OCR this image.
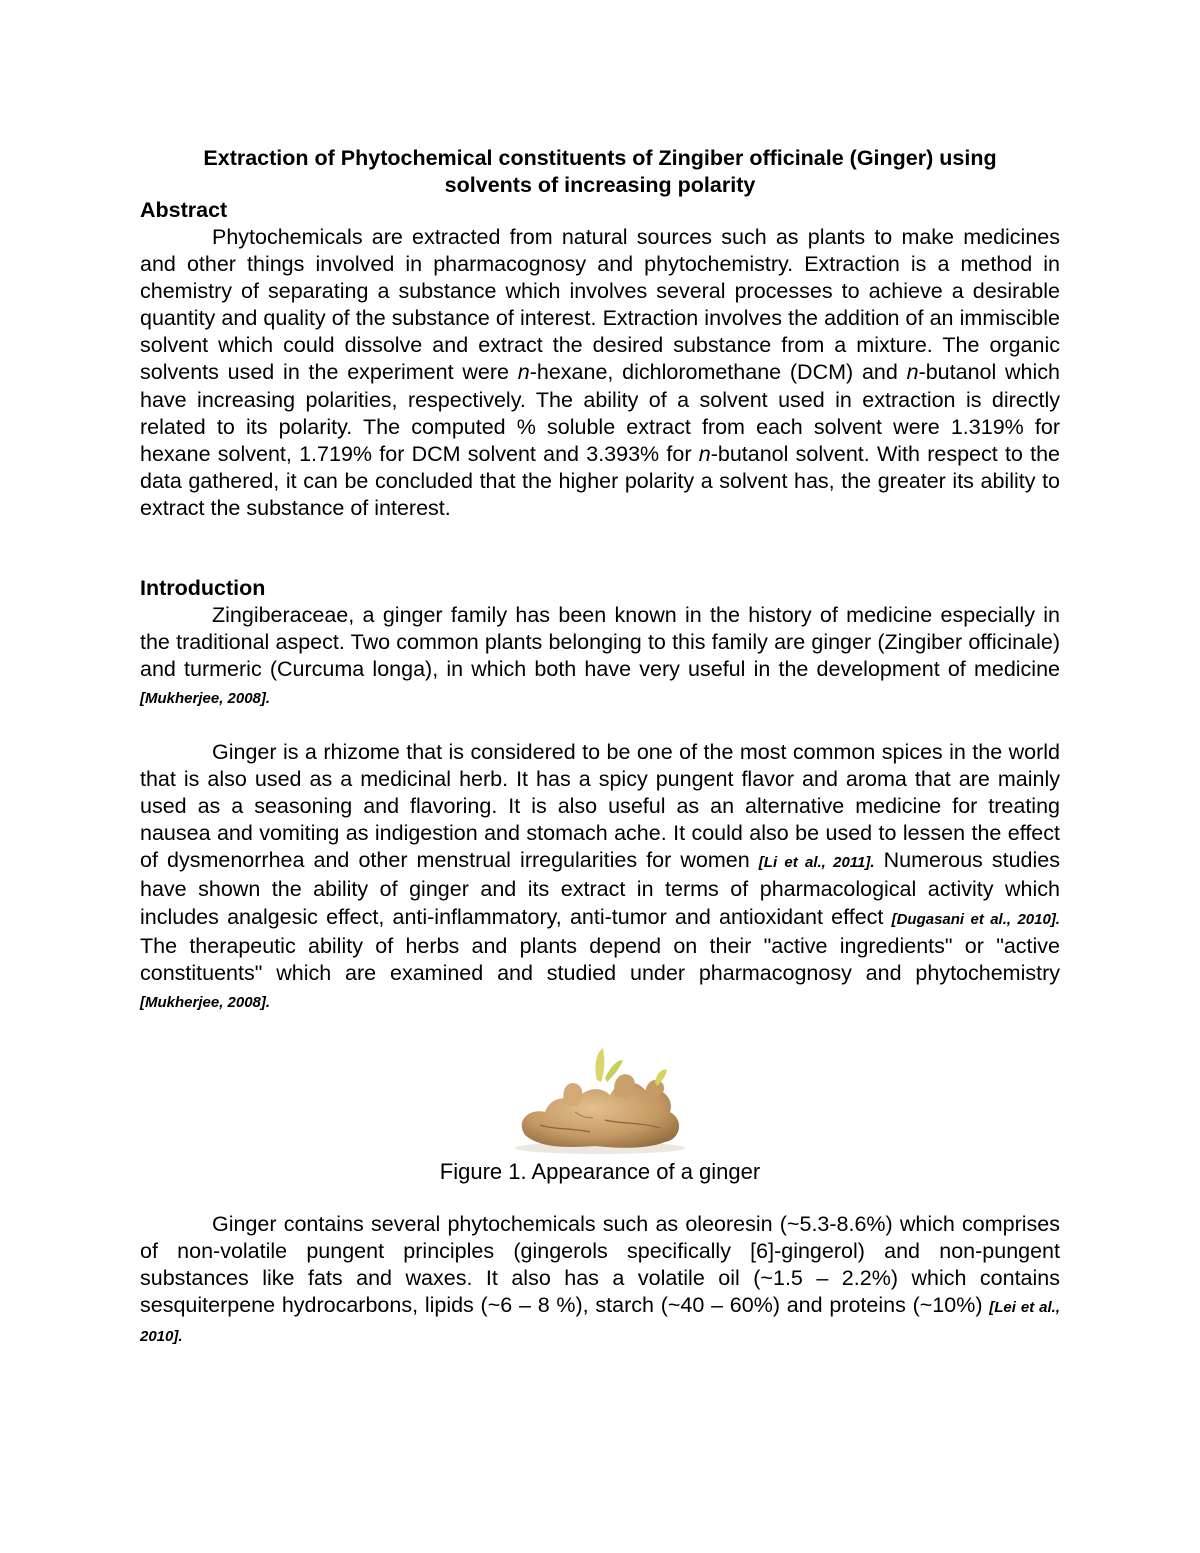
Extraction of Phytochemical constituents of Zingiber officinale (Ginger) using
solvents of increasing polarity
Abstract
Phytochemicals are extracted from natural sources such as plants to make medicines and other things involved in pharmacognosy and phytochemistry. Extraction is a method in chemistry of separating a substance which involves several processes to achieve a desirable quantity and quality of the substance of interest. Extraction involves the addition of an immiscible solvent which could dissolve and extract the desired substance from a mixture. The organic solvents used in the experiment were n-hexane, dichloromethane (DCM) and n-butanol which have increasing polarities, respectively. The ability of a solvent used in extraction is directly related to its polarity. The computed % soluble extract from each solvent were 1.319% for hexane solvent, 1.719% for DCM solvent and 3.393% for n-butanol solvent. With respect to the data gathered, it can be concluded that the higher polarity a solvent has, the greater its ability to extract the substance of interest.
Introduction
Zingiberaceae, a ginger family has been known in the history of medicine especially in the traditional aspect. Two common plants belonging to this family are ginger (Zingiber officinale) and turmeric (Curcuma longa), in which both have very useful in the development of medicine [Mukherjee, 2008].
Ginger is a rhizome that is considered to be one of the most common spices in the world that is also used as a medicinal herb. It has a spicy pungent flavor and aroma that are mainly used as a seasoning and flavoring. It is also useful as an alternative medicine for treating nausea and vomiting as indigestion and stomach ache. It could also be used to lessen the effect of dysmenorrhea and other menstrual irregularities for women [Li et al., 2011]. Numerous studies have shown the ability of ginger and its extract in terms of pharmacological activity which includes analgesic effect, anti-inflammatory, anti-tumor and antioxidant effect [Dugasani et al., 2010]. The therapeutic ability of herbs and plants depend on their "active ingredients" or "active constituents" which are examined and studied under pharmacognosy and phytochemistry [Mukherjee, 2008].
Figure 1. Appearance of a ginger
Ginger contains several phytochemicals such as oleoresin (~5.3-8.6%) which comprises of non-volatile pungent principles (gingerols specifically [6]-gingerol) and non-pungent substances like fats and waxes. It also has a volatile oil (~1.5 – 2.2%) which contains sesquiterpene hydrocarbons, lipids (~6 – 8 %), starch (~40 – 60%) and proteins (~10%) [Lei et al., 2010].
